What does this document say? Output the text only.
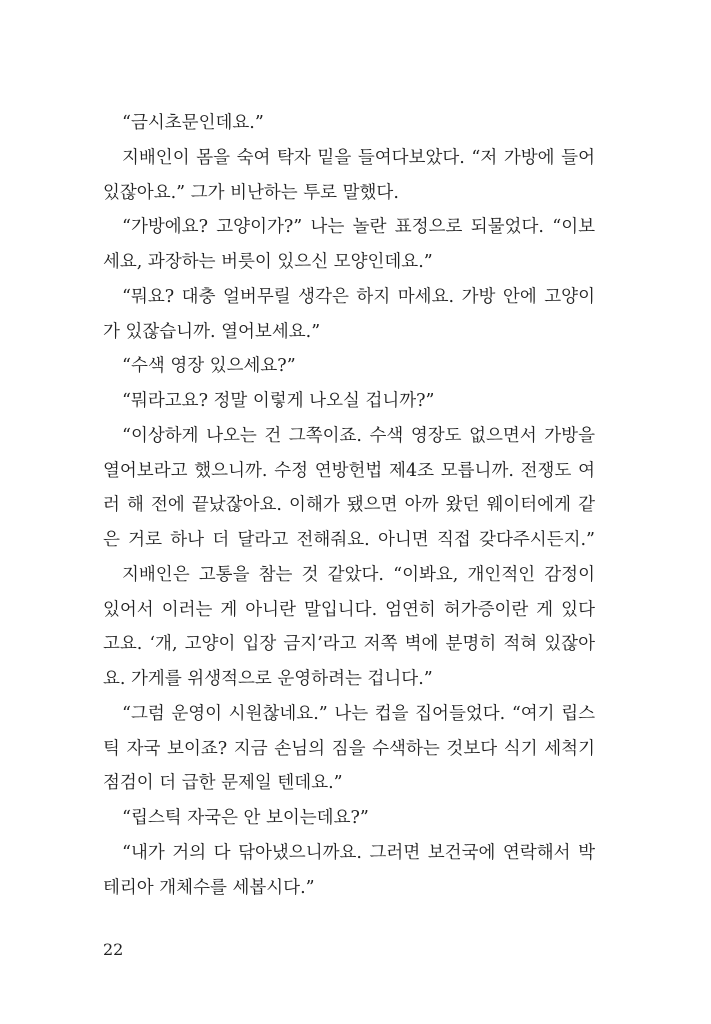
“금시초문인데요.”
지배인이 몸을 숙여 탁자 밑을 들여다보았다. “저 가방에 들어
있잖아요.” 그가 비난하는 투로 말했다.
“가방에요? 고양이가?” 나는 놀란 표정으로 되물었다. “이보
세요, 과장하는 버릇이 있으신 모양인데요.”
“뭐요? 대충 얼버무릴 생각은 하지 마세요. 가방 안에 고양이
가 있잖습니까. 열어보세요.”
“수색 영장 있으세요?”
“뭐라고요? 정말 이렇게 나오실 겁니까?”
“이상하게 나오는 건 그쪽이죠. 수색 영장도 없으면서 가방을
열어보라고 했으니까. 수정 연방헌법 제4조 모릅니까. 전쟁도 여
러 해 전에 끝났잖아요. 이해가 됐으면 아까 왔던 웨이터에게 같
은 거로 하나 더 달라고 전해줘요. 아니면 직접 갖다주시든지.”
지배인은 고통을 참는 것 같았다. “이봐요, 개인적인 감정이
있어서 이러는 게 아니란 말입니다. 엄연히 허가증이란 게 있다
고요. ‘개, 고양이 입장 금지’라고 저쪽 벽에 분명히 적혀 있잖아
요. 가게를 위생적으로 운영하려는 겁니다.”
“그럼 운영이 시원찮네요.” 나는 컵을 집어들었다. “여기 립스
틱 자국 보이죠? 지금 손님의 짐을 수색하는 것보다 식기 세척기
점검이 더 급한 문제일 텐데요.”
“립스틱 자국은 안 보이는데요?”
“내가 거의 다 닦아냈으니까요. 그러면 보건국에 연락해서 박
테리아 개체수를 세봅시다.”
22
